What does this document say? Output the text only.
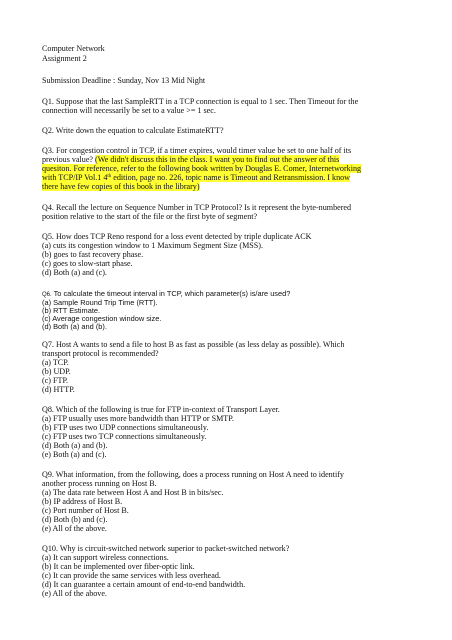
Computer Network
Assignment 2
Submission Deadline : Sunday, Nov 13 Mid Night
Q1. Suppose that the last SampleRTT in a TCP connection is equal to 1 sec. Then Timeout for the
connection will necessarily be set to a value >= 1 sec.
Q2. Write down the equation to calculate EstimateRTT?
Q3. For congestion control in TCP, if a timer expires, would timer value be set to one half of its
previous value? (We didn't discuss this in the class. I want you to find out the answer of this
quesiton. For reference, refer to the following book written by Douglas E. Comer, Internetworking
with TCP/IP Vol.1 4th edition, page no. 226, topic name is Timeout and Retransmission. I know
there have few copies of this book in the library)
Q4. Recall the lecture on Sequence Number in TCP Protocol? Is it represent the byte-numbered
position relative to the start of the file or the first byte of segment?
Q5. How does TCP Reno respond for a loss event detected by triple duplicate ACK
(a) cuts its congestion window to 1 Maximum Segment Size (MSS).
(b) goes to fast recovery phase.
(c) goes to slow-start phase.
(d) Both (a) and (c).
Q6. To calculate the timeout interval in TCP, which parameter(s) is/are used?
(a) Sample Round Trip Time (RTT).
(b) RTT Estimate.
(c) Average congestion window size.
(d) Both (a) and (b).
Q7. Host A wants to send a file to host B as fast as possible (as less delay as possible). Which
transport protocol is recommended?
(a) TCP.
(b) UDP.
(c) FTP.
(d) HTTP.
Q8. Which of the following is true for FTP in-context of Transport Layer.
(a) FTP usually uses more bandwidth than HTTP or SMTP.
(b) FTP uses two UDP connections simultaneously.
(c) FTP uses two TCP connections simultaneously.
(d) Both (a) and (b).
(e) Both (a) and (c).
Q9. What information, from the following, does a process running on Host A need to identify
another process running on Host B.
(a) The data rate between Host A and Host B in bits/sec.
(b) IP address of Host B.
(c) Port number of Host B.
(d) Both (b) and (c).
(e) All of the above.
Q10. Why is circuit-switched network superior to packet-switched network?
(a) It can support wireless connections.
(b) It can be implemented over fiber-optic link.
(c) It can provide the same services with less overhead.
(d) It can guarantee a certain amount of end-to-end bandwidth.
(e) All of the above.
